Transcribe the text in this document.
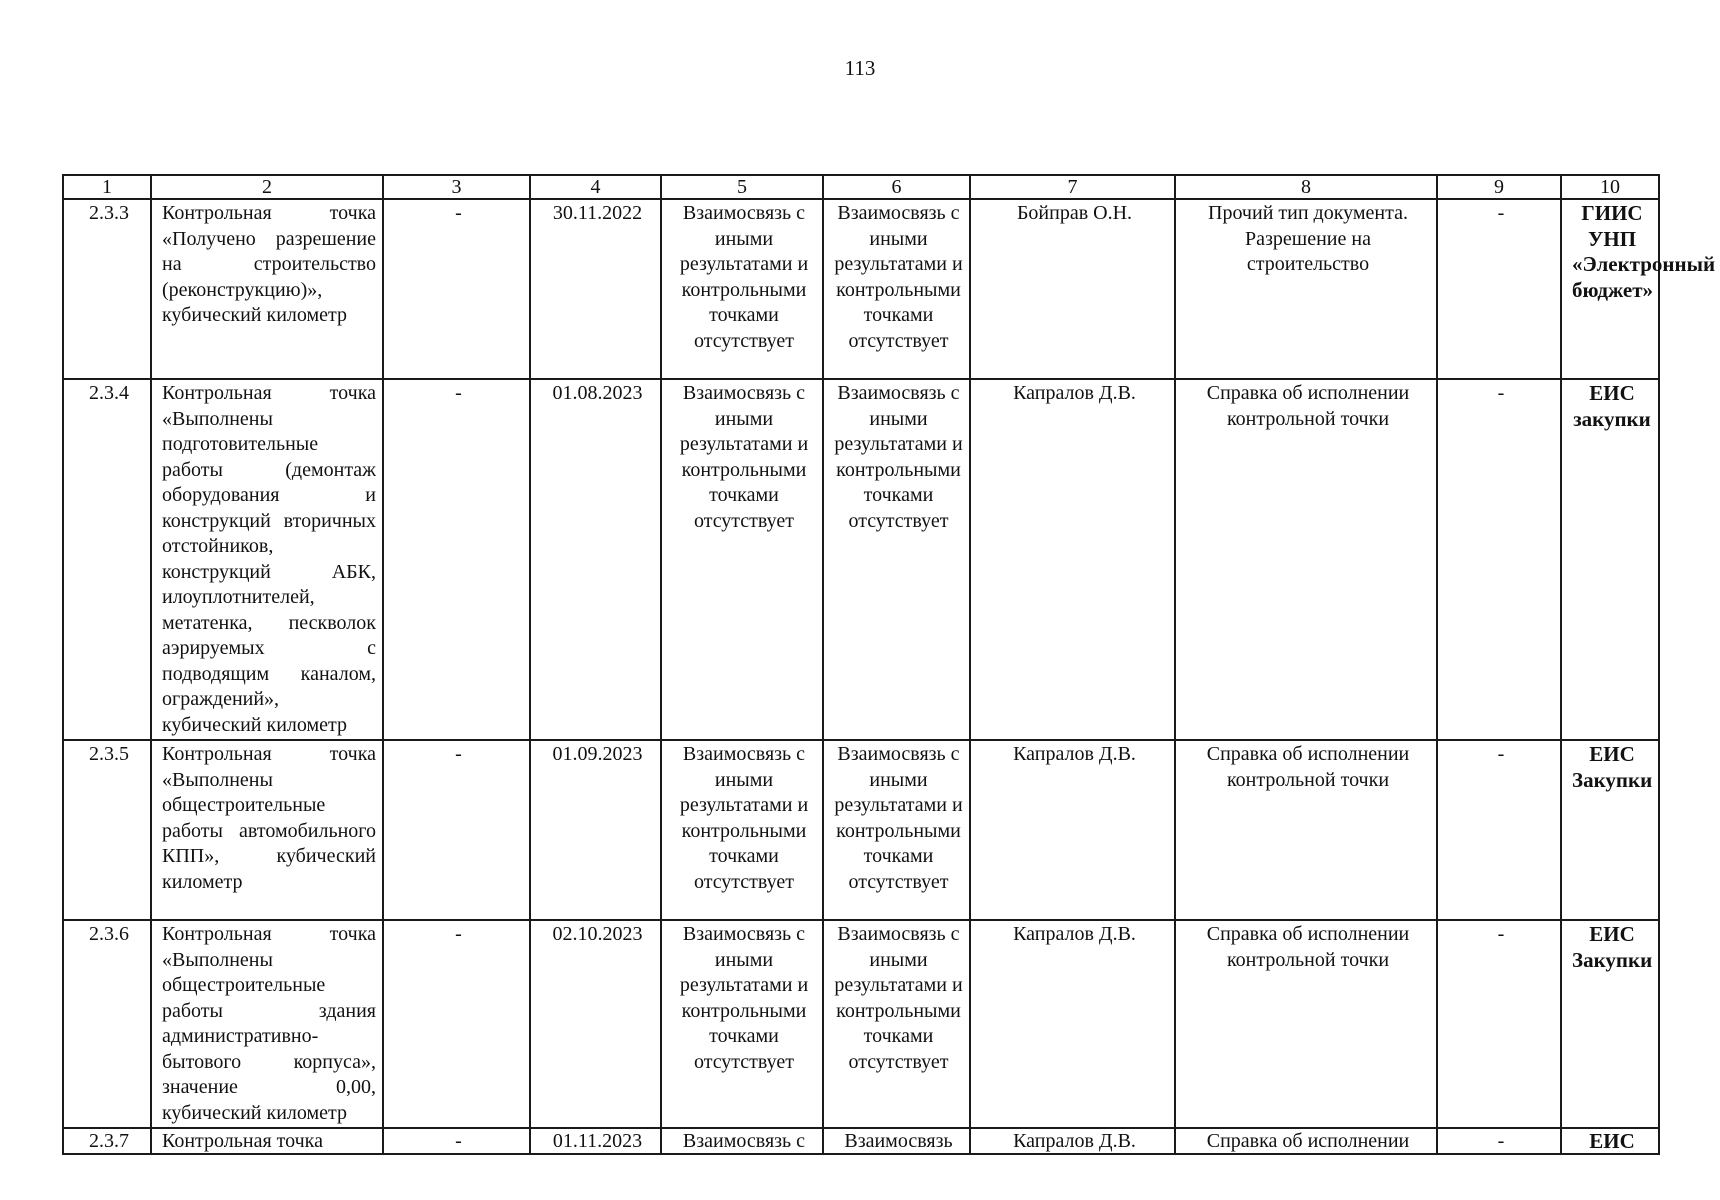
113
1	2	3	4	5	6	7	8	9	10
2.3.3	Контрольная точка «Получено разрешение на строительство (реконструкцию)», кубический километр	-	30.11.2022	Взаимосвязь с иными результатами и контрольными точками отсутствует	Взаимосвязь с иными результатами и контрольными точками отсутствует	Бойправ О.Н.	Прочий тип документа. Разрешение на строительство	-	ГИИС УНП «Электронный бюджет»
2.3.4	Контрольная точка «Выполнены подготовительные работы (демонтаж оборудования и конструкций вторичных отстойников, конструкций АБК, илоуплотнителей, метатенка, пескволок аэрируемых с подводящим каналом, ограждений», кубический километр	-	01.08.2023	Взаимосвязь с иными результатами и контрольными точками отсутствует	Взаимосвязь с иными результатами и контрольными точками отсутствует	Капралов Д.В.	Справка об исполнении контрольной точки	-	ЕИС закупки
2.3.5	Контрольная точка «Выполнены общестроительные работы автомобильного КПП», кубический километр	-	01.09.2023	Взаимосвязь с иными результатами и контрольными точками отсутствует	Взаимосвязь с иными результатами и контрольными точками отсутствует	Капралов Д.В.	Справка об исполнении контрольной точки	-	ЕИС Закупки
2.3.6	Контрольная точка «Выполнены общестроительные работы здания административно-бытового корпуса», значение 0,00, кубический километр	-	02.10.2023	Взаимосвязь с иными результатами и контрольными точками отсутствует	Взаимосвязь с иными результатами и контрольными точками отсутствует	Капралов Д.В.	Справка об исполнении контрольной точки	-	ЕИС Закупки

2.3.7	Контрольная точка	-	01.11.2023	Взаимосвязь с	Взаимосвязь	Капралов Д.В.	Справка об исполнении	-	ЕИС
